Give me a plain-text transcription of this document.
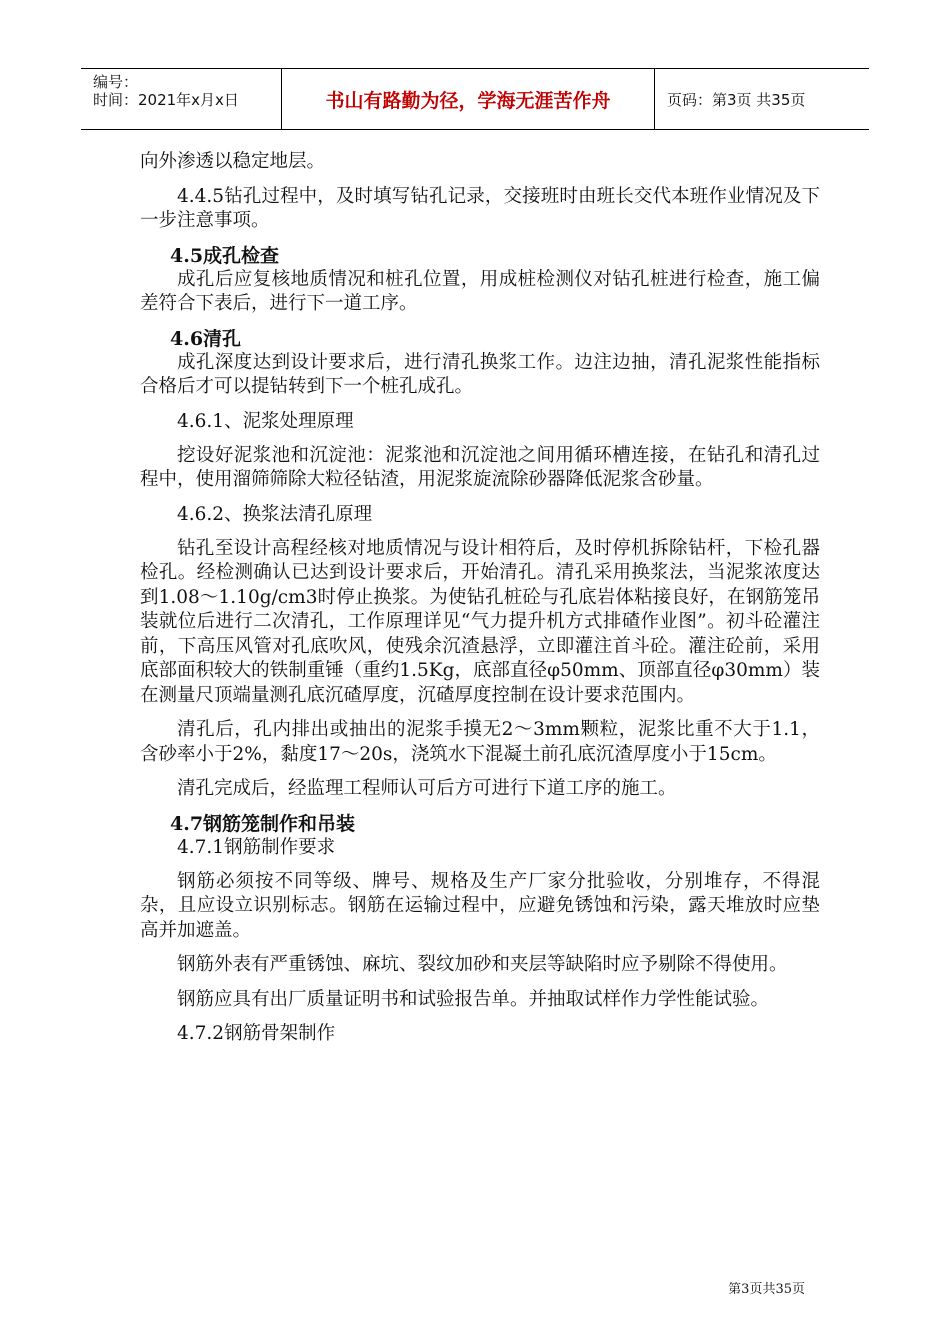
编号：
时间：2021年x月x日	书山有路勤为径，学海无涯苦作舟	页码：第3页 共35页

向外渗透以稳定地层。

4.4.5钻孔过程中，及时填写钻孔记录，交接班时由班长交代本班作业情况及下一步注意事项。

4.5成孔检查

成孔后应复核地质情况和桩孔位置，用成桩检测仪对钻孔桩进行检查，施工偏差符合下表后，进行下一道工序。

4.6清孔

成孔深度达到设计要求后，进行清孔换浆工作。边注边抽，清孔泥浆性能指标合格后才可以提钻转到下一个桩孔成孔。

4.6.1、泥浆处理原理

挖设好泥浆池和沉淀池：泥浆池和沉淀池之间用循环槽连接，在钻孔和清孔过程中，使用溜筛筛除大粒径钻渣，用泥浆旋流除砂器降低泥浆含砂量。

4.6.2、换浆法清孔原理

钻孔至设计高程经核对地质情况与设计相符后，及时停机拆除钻杆，下检孔器检孔。经检测确认已达到设计要求后，开始清孔。清孔采用换浆法，当泥浆浓度达到1.08～1.10g/cm3时停止换浆。为使钻孔桩砼与孔底岩体粘接良好，在钢筋笼吊装就位后进行二次清孔，工作原理详见“气力提升机方式排碴作业图”。初斗砼灌注前，下高压风管对孔底吹风，使残余沉渣悬浮，立即灌注首斗砼。灌注砼前，采用底部面积较大的铁制重锤（重约1.5Kg，底部直径φ50mm、顶部直径φ30mm）装在测量尺顶端量测孔底沉碴厚度，沉碴厚度控制在设计要求范围内。

清孔后，孔内排出或抽出的泥浆手摸无2～3mm颗粒，泥浆比重不大于1.1，含砂率小于2%，黏度17～20s，浇筑水下混凝土前孔底沉渣厚度小于15cm。

清孔完成后，经监理工程师认可后方可进行下道工序的施工。

4.7钢筋笼制作和吊装

4.7.1钢筋制作要求

钢筋必须按不同等级、牌号、规格及生产厂家分批验收，分别堆存，不得混杂，且应设立识别标志。钢筋在运输过程中，应避免锈蚀和污染，露天堆放时应垫高并加遮盖。

钢筋外表有严重锈蚀、麻坑、裂纹加砂和夹层等缺陷时应予剔除不得使用。

钢筋应具有出厂质量证明书和试验报告单。并抽取试样作力学性能试验。

4.7.2钢筋骨架制作

第3页共35页
